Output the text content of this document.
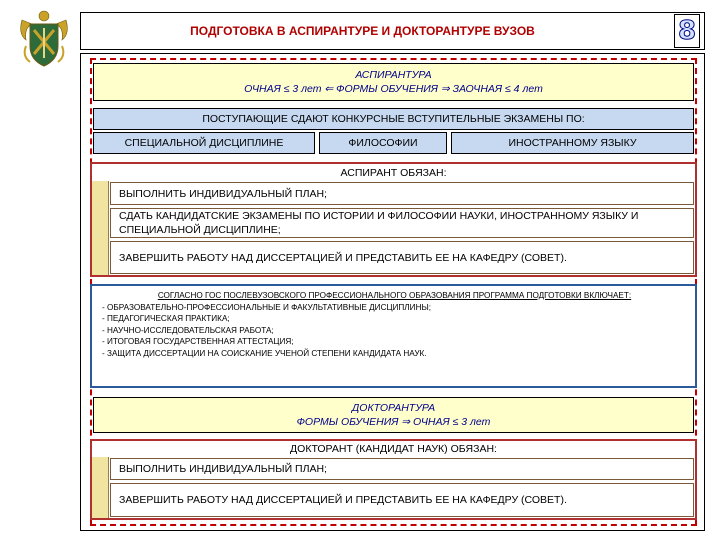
ПОДГОТОВКА В АСПИРАНТУРЕ И ДОКТОРАНТУРЕ ВУЗОВ	8
АСПИРАНТУРА
ОЧНАЯ ≤ 3 лет ⇐ ФОРМЫ ОБУЧЕНИЯ ⇒ ЗАОЧНАЯ ≤ 4 лет
ПОСТУПАЮЩИЕ СДАЮТ КОНКУРСНЫЕ ВСТУПИТЕЛЬНЫЕ ЭКЗАМЕНЫ ПО:
СПЕЦИАЛЬНОЙ ДИСЦИПЛИНЕ	ФИЛОСОФИИ	ИНОСТРАННОМУ ЯЗЫКУ
АСПИРАНТ ОБЯЗАН:
ВЫПОЛНИТЬ ИНДИВИДУАЛЬНЫЙ ПЛАН;
СДАТЬ КАНДИДАТСКИЕ ЭКЗАМЕНЫ ПО ИСТОРИИ И ФИЛОСОФИИ НАУКИ, ИНОСТРАННОМУ ЯЗЫКУ И СПЕЦИАЛЬНОЙ ДИСЦИПЛИНЕ;
ЗАВЕРШИТЬ РАБОТУ НАД ДИССЕРТАЦИЕЙ И ПРЕДСТАВИТЬ ЕЕ НА КАФЕДРУ (СОВЕТ).
СОГЛАСНО ГОС ПОСЛЕВУЗОВСКОГО ПРОФЕССИОНАЛЬНОГО ОБРАЗОВАНИЯ ПРОГРАММА ПОДГОТОВКИ ВКЛЮЧАЕТ:
- ОБРАЗОВАТЕЛЬНО-ПРОФЕССИОНАЛЬНЫЕ И ФАКУЛЬТАТИВНЫЕ ДИСЦИПЛИНЫ;
- ПЕДАГОГИЧЕСКАЯ ПРАКТИКА;
- НАУЧНО-ИССЛЕДОВАТЕЛЬСКАЯ РАБОТА;
- ИТОГОВАЯ ГОСУДАРСТВЕННАЯ АТТЕСТАЦИЯ;
- ЗАЩИТА ДИССЕРТАЦИИ НА СОИСКАНИЕ УЧЕНОЙ СТЕПЕНИ КАНДИДАТА НАУК.
ДОКТОРАНТУРА
ФОРМЫ ОБУЧЕНИЯ ⇒ ОЧНАЯ ≤ 3 лет
ДОКТОРАНТ (КАНДИДАТ НАУК) ОБЯЗАН:
ВЫПОЛНИТЬ ИНДИВИДУАЛЬНЫЙ ПЛАН;
ЗАВЕРШИТЬ РАБОТУ НАД ДИССЕРТАЦИЕЙ И ПРЕДСТАВИТЬ ЕЕ НА КАФЕДРУ (СОВЕТ).
